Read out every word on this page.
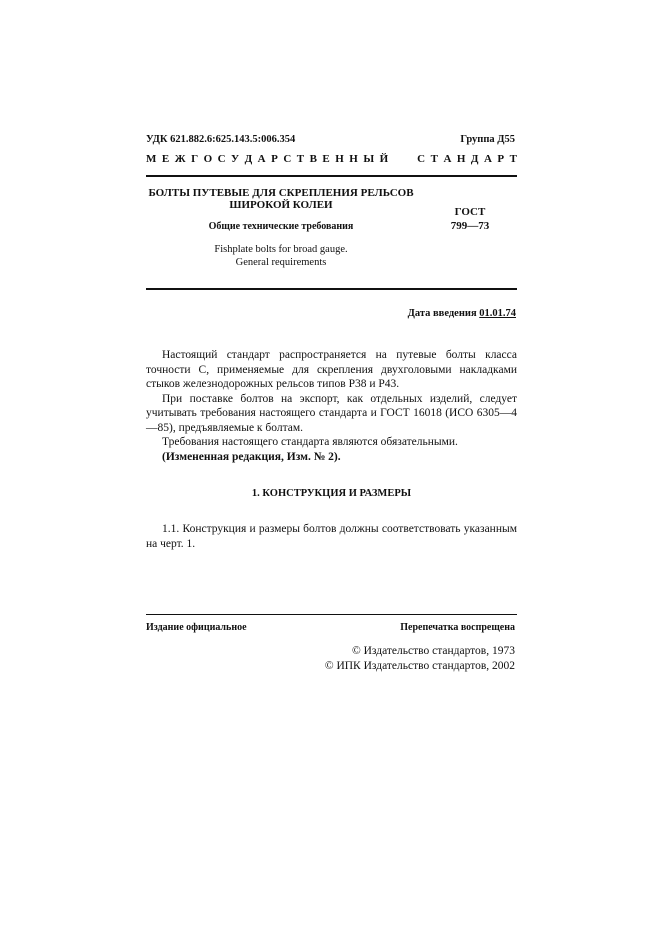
УДК 621.882.6:625.143.5:006.354	Группа Д55
М Е Ж Г О С У Д А Р С Т В Е Н Н Ы Й	С Т А Н Д А Р Т
БОЛТЫ ПУТЕВЫЕ ДЛЯ СКРЕПЛЕНИЯ РЕЛЬСОВ
ШИРОКОЙ КОЛЕИ
ГОСТ
799—73
Общие технические требования
Fishplate bolts for broad gauge.
General requirements
Дата введения 01.01.74

Настоящий стандарт распространяется на путевые болты класса точности С, применяемые для скрепления двухголовыми накладками стыков железнодорожных рельсов типов Р38 и Р43.

При поставке болтов на экспорт, как отдельных изделий, следует учитывать требования настоящего стандарта и ГОСТ 16018 (ИСО 6305—4—85), предъявляемые к болтам.

Требования настоящего стандарта являются обязательными.

(Измененная редакция, Изм. № 2).

1. КОНСТРУКЦИЯ И РАЗМЕРЫ

1.1. Конструкция и размеры болтов должны соответствовать указанным на черт. 1.

Издание официальное	Перепечатка воспрещена
© Издательство стандартов, 1973
© ИПК Издательство стандартов, 2002
